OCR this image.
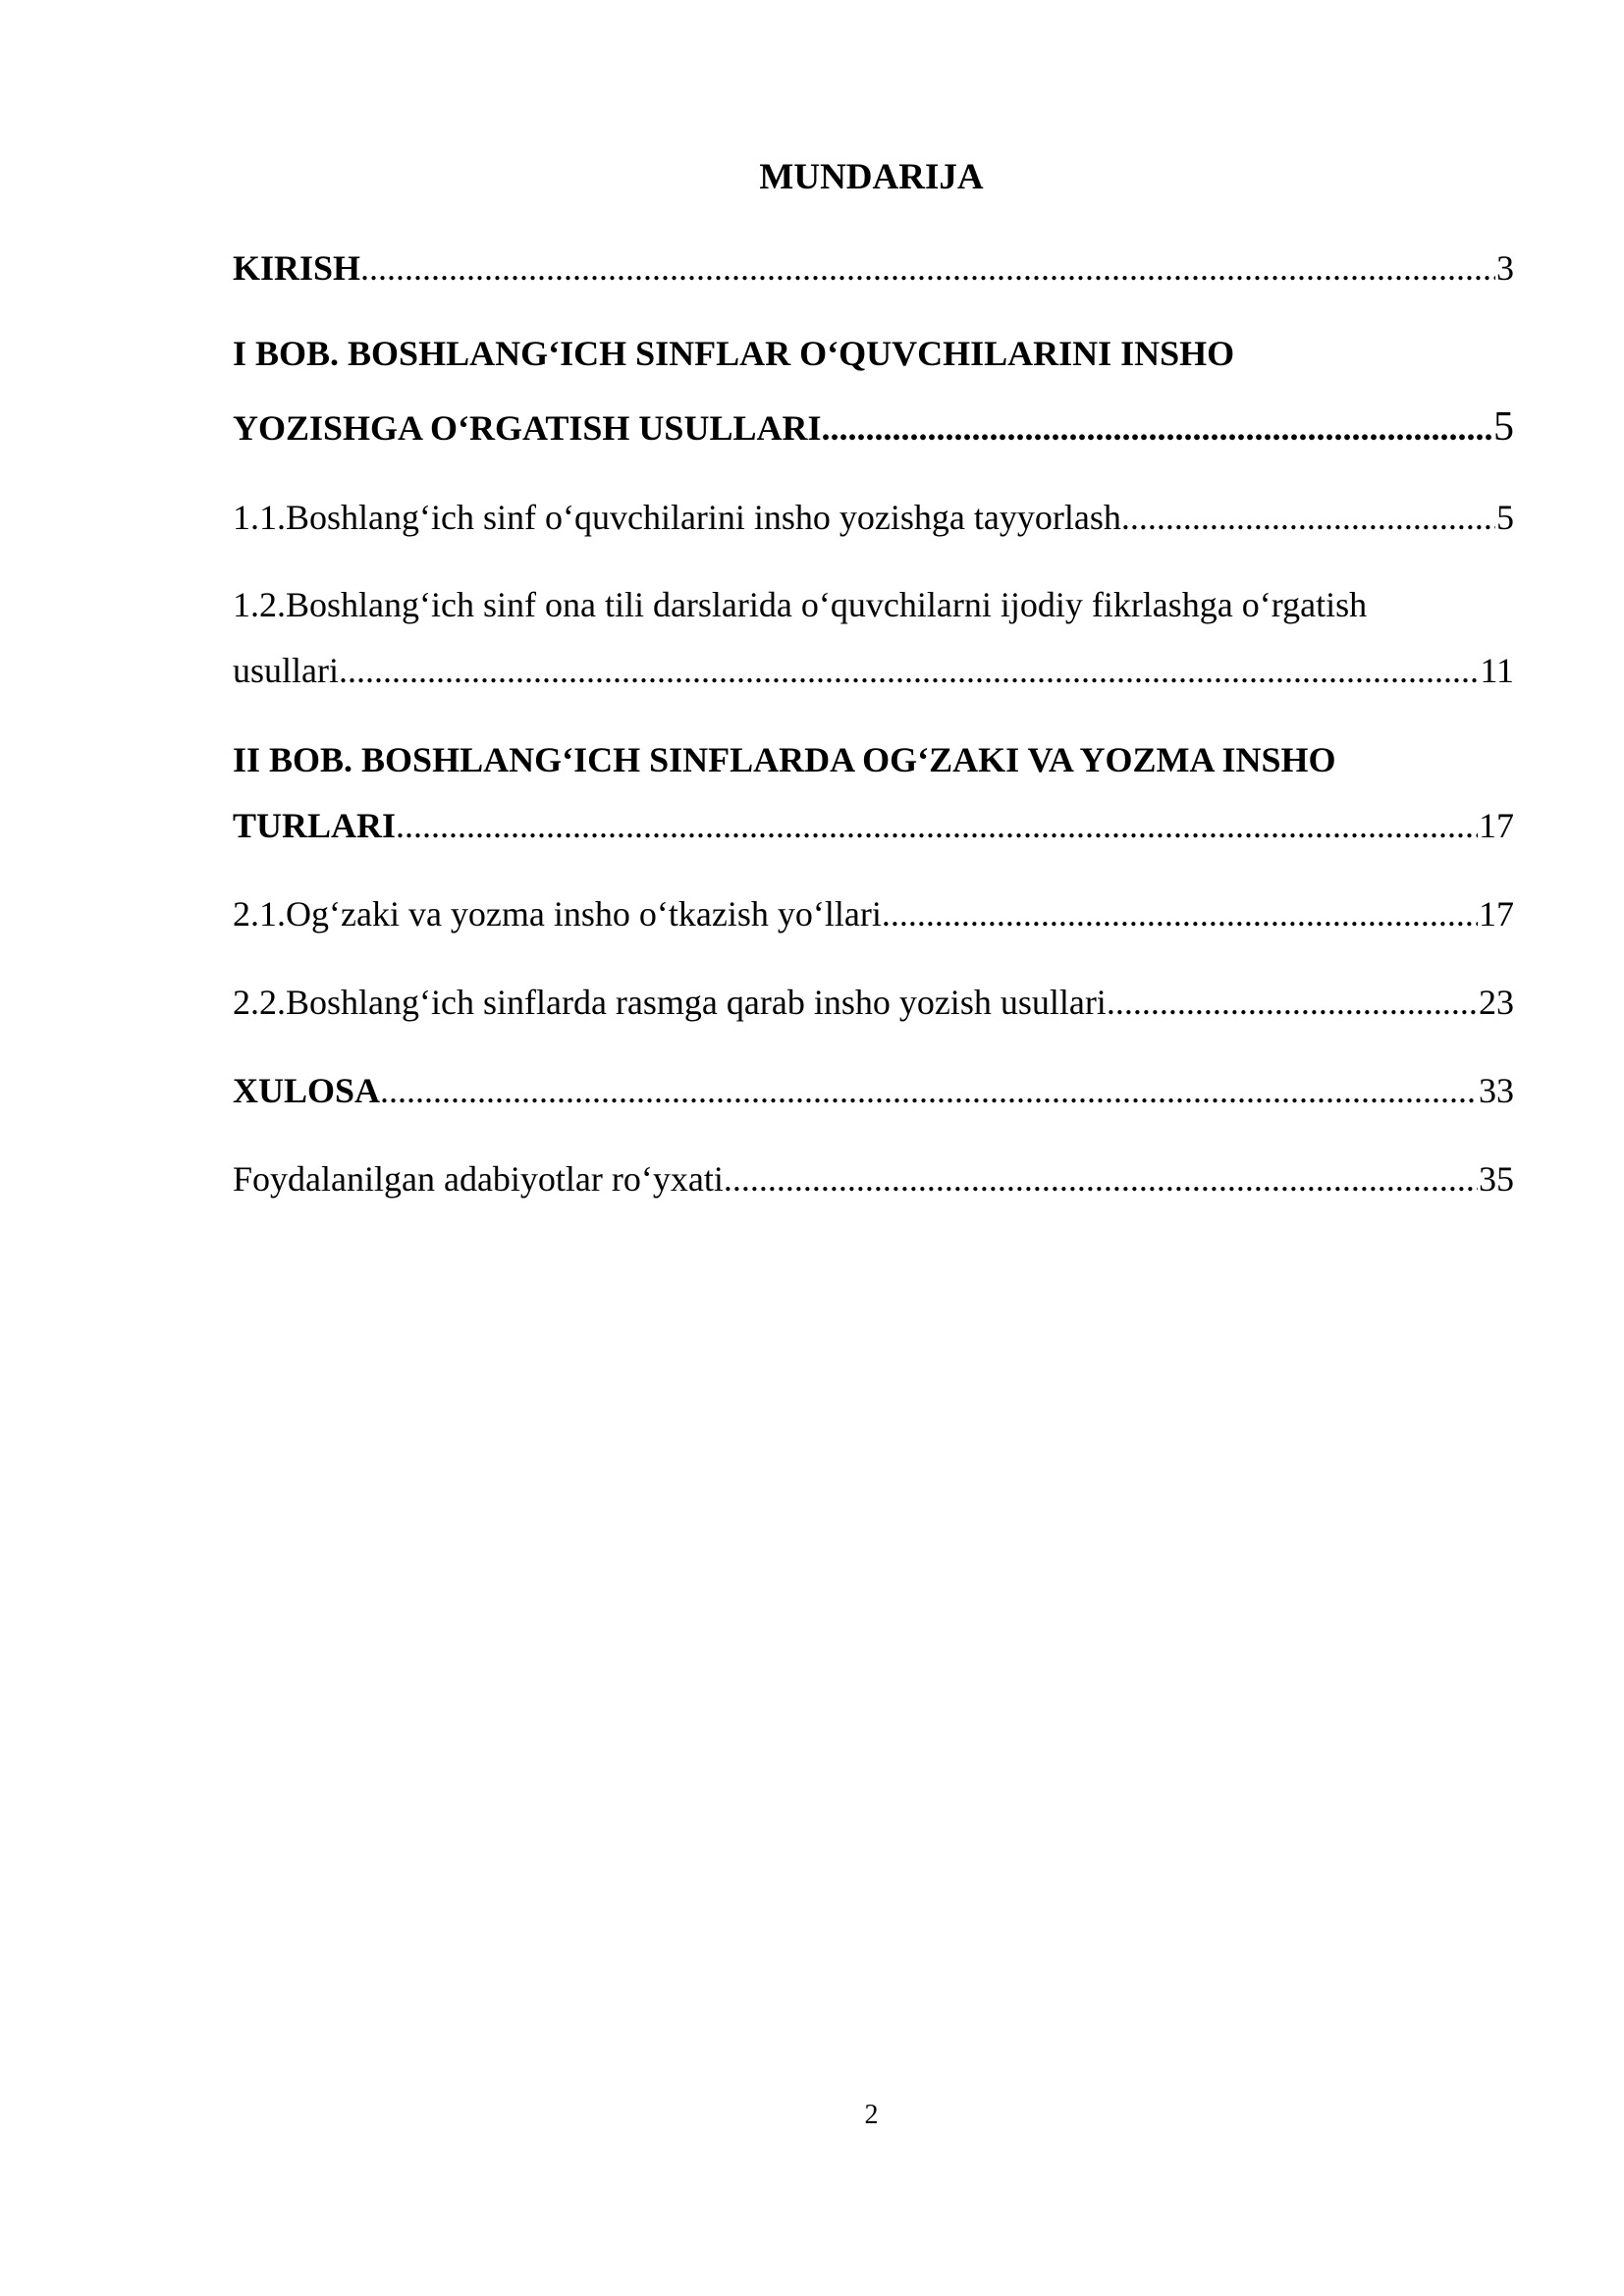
MUNDARIJA
KIRISH .....	3
I BOB. BOSHLANG‘ICH SINFLAR O‘QUVCHILARINI INSHO
YOZISHGA O‘RGATISH USULLARI .....	5
1.1.Boshlang‘ich sinf o‘quvchilarini insho yozishga tayyorlash .....	5
1.2.Boshlang‘ich sinf ona tili darslarida o‘quvchilarni ijodiy fikrlashga o‘rgatish
usullari .....	11
II BOB. BOSHLANG‘ICH SINFLARDA OG‘ZAKI VA YOZMA INSHO
TURLARI .....	17
2.1.Og‘zaki va yozma insho o‘tkazish yo‘llari .....	17
2.2.Boshlang‘ich sinflarda rasmga qarab insho yozish usullari .....	23
XULOSA .....	33
Foydalanilgan adabiyotlar ro‘yxati .....	35
2
